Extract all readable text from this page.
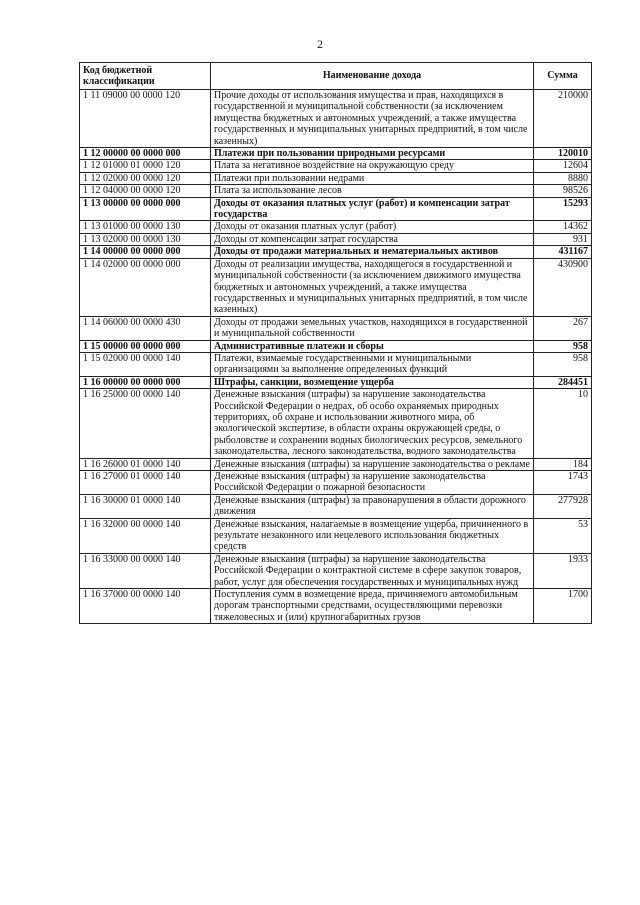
2
Код бюджетной классификации	Наименование дохода	Сумма
1 11 09000 00 0000 120	Прочие доходы от использования имущества и прав, находящихся в государственной и муниципальной собственности (за исключением имущества бюджетных и автономных учреждений, а также имущества государственных и муниципальных унитарных предприятий, в том числе казенных)	210000
1 12 00000 00 0000 000	Платежи при пользовании природными ресурсами	120010
1 12 01000 01 0000 120	Плата за негативное воздействие на окружающую среду	12604
1 12 02000 00 0000 120	Платежи при пользовании недрами	8880
1 12 04000 00 0000 120	Плата за использование лесов	98526
1 13 00000 00 0000 000	Доходы от оказания платных услуг (работ) и компенсации затрат государства	15293
1 13 01000 00 0000 130	Доходы от оказания платных услуг (работ)	14362
1 13 02000 00 0000 130	Доходы от компенсации затрат государства	931
1 14 00000 00 0000 000	Доходы от продажи материальных и нематериальных активов	431167
1 14 02000 00 0000 000	Доходы от реализации имущества, находящегося в государственной и муниципальной собственности (за исключением движимого имущества бюджетных и автономных учреждений, а также имущества государственных и муниципальных унитарных предприятий, в том числе казенных)	430900
1 14 06000 00 0000 430	Доходы от продажи земельных участков, находящихся в государственной и муниципальной собственности	267
1 15 00000 00 0000 000	Административные платежи и сборы	958
1 15 02000 00 0000 140	Платежи, взимаемые государственными и муниципальными организациями за выполнение определенных функций	958
1 16 00000 00 0000 000	Штрафы, санкции, возмещение ущерба	284451
1 16 25000 00 0000 140	Денежные взыскания (штрафы) за нарушение законодательства Российской Федерации о недрах, об особо охраняемых природных территориях, об охране и использовании животного мира, об экологической экспертизе, в области охраны окружающей среды, о рыболовстве и сохранении водных биологических ресурсов, земельного законодательства, лесного законодательства, водного законодательства	10
1 16 26000 01 0000 140	Денежные взыскания (штрафы) за нарушение законодательства о рекламе	184
1 16 27000 01 0000 140	Денежные взыскания (штрафы) за нарушение законодательства Российской Федерации о пожарной безопасности	1743
1 16 30000 01 0000 140	Денежные взыскания (штрафы) за правонарушения в области дорожного движения	277928
1 16 32000 00 0000 140	Денежные взыскания, налагаемые в возмещение ущерба, причиненного в результате незаконного или нецелевого использования бюджетных средств	53
1 16 33000 00 0000 140	Денежные взыскания (штрафы) за нарушение законодательства Российской Федерации о контрактной системе в сфере закупок товаров, работ, услуг для обеспечения государственных и муниципальных нужд	1933
1 16 37000 00 0000 140	Поступления сумм в возмещение вреда, причиняемого автомобильным дорогам транспортными средствами, осуществляющими перевозки тяжеловесных и (или) крупногабаритных грузов	1700
